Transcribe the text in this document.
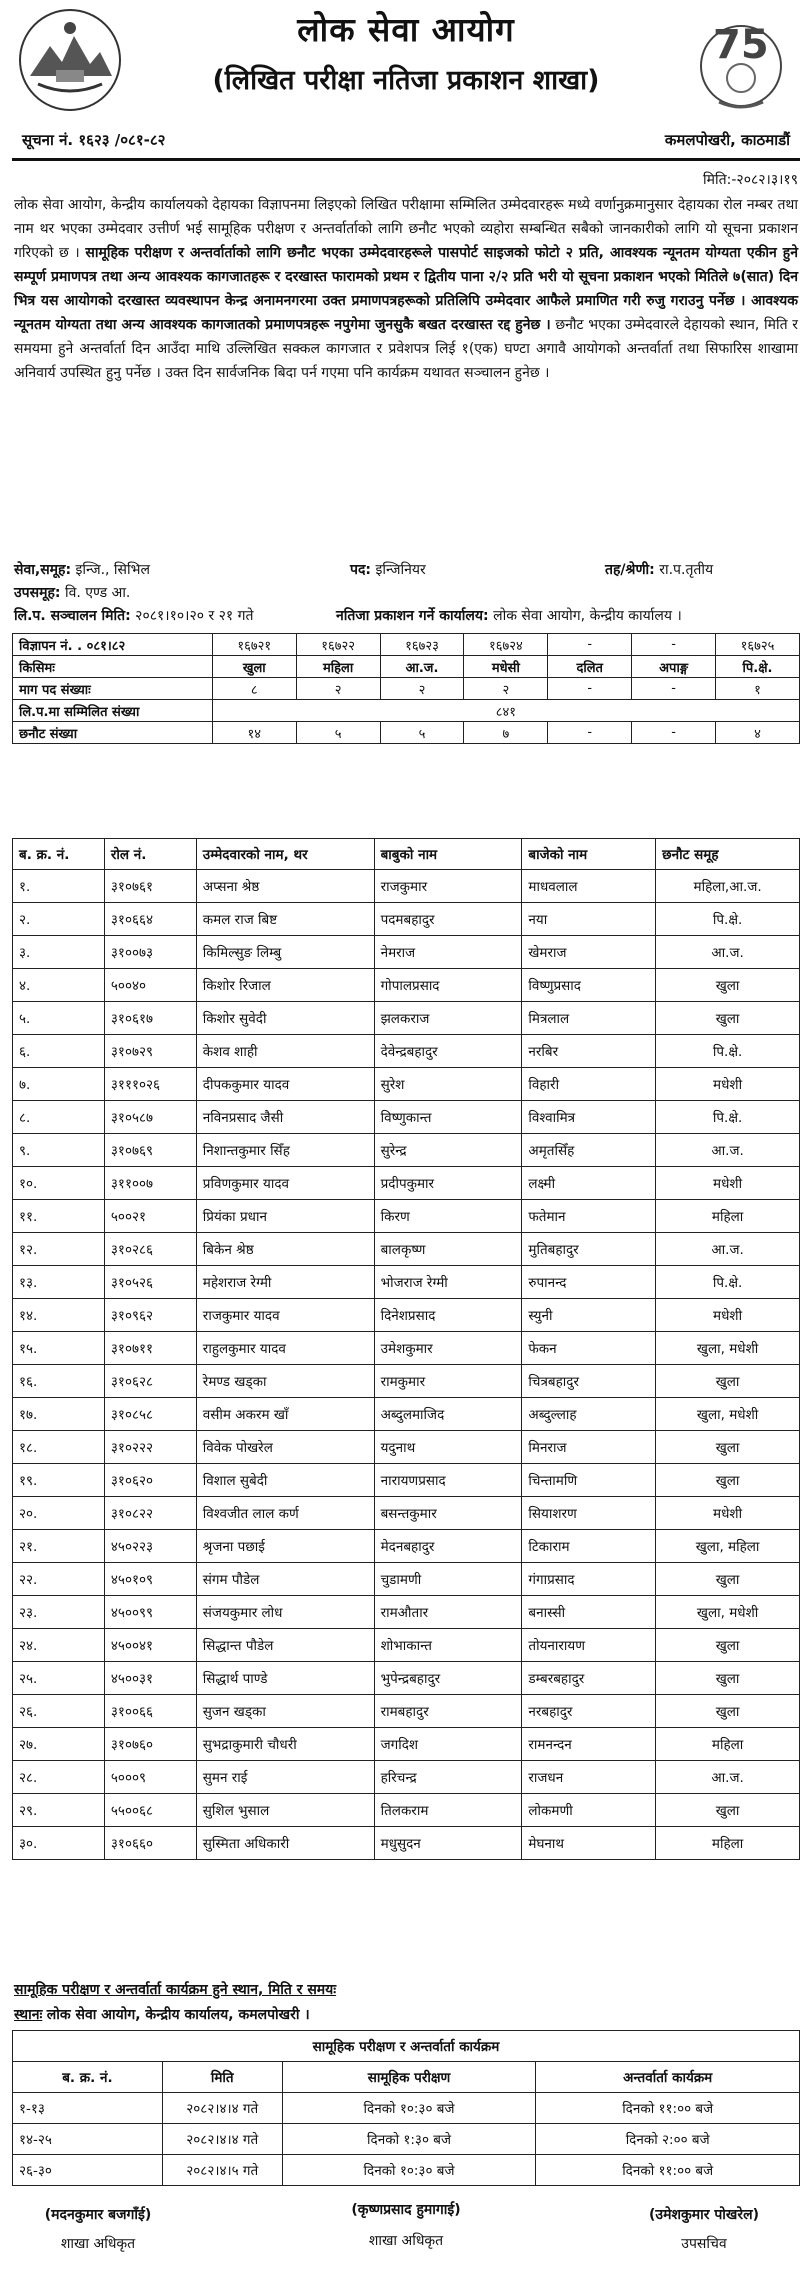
लोक सेवा आयोग
(लिखित परीक्षा नतिजा प्रकाशन शाखा)
75
सूचना नं. १६२३ /०८१-८२	कमलपोखरी, काठमाडौं
मिति:-२०८२।३।१९
लोक सेवा आयोग, केन्द्रीय कार्यालयको देहायका विज्ञापनमा लिइएको लिखित परीक्षामा सम्मिलित उम्मेदवारहरू मध्ये वर्णानुक्रमानुसार देहायका रोल नम्बर तथा नाम थर भएका उम्मेदवार उत्तीर्ण भई सामूहिक परीक्षण र अन्तर्वार्ताको लागि छनौट भएको व्यहोरा सम्बन्धित सबैको जानकारीको लागि यो सूचना प्रकाशन गरिएको छ । सामूहिक परीक्षण र अन्तर्वार्ताको लागि छनौट भएका उम्मेदवारहरूले पासपोर्ट साइजको फोटो २ प्रति, आवश्यक न्यूनतम योग्यता एकीन हुने सम्पूर्ण प्रमाणपत्र तथा अन्य आवश्यक कागजातहरू र दरखास्त फारामको प्रथम र द्वितीय पाना २/२ प्रति भरी यो सूचना प्रकाशन भएको मितिले ७(सात) दिन भित्र यस आयोगको दरखास्त व्यवस्थापन केन्द्र अनामनगरमा उक्त प्रमाणपत्रहरूको प्रतिलिपि उम्मेदवार आफैले प्रमाणित गरी रुजु गराउनु पर्नेछ । आवश्यक न्यूनतम योग्यता तथा अन्य आवश्यक कागजातको प्रमाणपत्रहरू नपुगेमा जुनसुकै बखत दरखास्त रद्द हुनेछ । छनौट भएका उम्मेदवारले देहायको स्थान, मिति र समयमा हुने अन्तर्वार्ता दिन आउँदा माथि उल्लिखित सक्कल कागजात र प्रवेशपत्र लिई १(एक) घण्टा अगावै आयोगको अन्तर्वार्ता तथा सिफारिस शाखामा अनिवार्य उपस्थित हुनु पर्नेछ । उक्त दिन सार्वजनिक बिदा पर्न गएमा पनि कार्यक्रम यथावत सञ्चालन हुनेछ ।
सेवा,समूह: इन्जि., सिभिल	पद: इन्जिनियर	तह/श्रेणी: रा.प.तृतीय
उपसमूह: वि. एण्ड आ.
लि.प. सञ्चालन मिति: २०८१।१०।२० र २१ गते	नतिजा प्रकाशन गर्ने कार्यालय: लोक सेवा आयोग, केन्द्रीय कार्यालय ।
विज्ञापन नं. . ०८१।८२	१६७२१	१६७२२	१६७२३	१६७२४	-	-	१६७२५
किसिमः	खुला	महिला	आ.ज.	मधेसी	दलित	अपाङ्ग	पि.क्षे.
माग पद संख्याः	८	२	२	२	-	-	१
लि.प.मा सम्मिलित संख्या	८४१						
छनौट संख्या	१४	५	५	७	-	-	४
ब. क्र. नं.	रोल नं.	उम्मेदवारको नाम, थर	बाबुको नाम	बाजेको नाम	छनौट समूह
१.	३१०७६१	अप्सना श्रेष्ठ	राजकुमार	माधवलाल	महिला,आ.ज.
२.	३१०६६४	कमल राज बिष्ट	पदमबहादुर	नया	पि.क्षे.
३.	३१००७३	किमिल्सुङ लिम्बु	नेमराज	खेमराज	आ.ज.
४.	५००४०	किशोर रिजाल	गोपालप्रसाद	विष्णुप्रसाद	खुला
५.	३१०६१७	किशोर सुवेदी	झलकराज	मित्रलाल	खुला
६.	३१०७२९	केशव शाही	देवेन्द्रबहादुर	नरबिर	पि.क्षे.
७.	३१११०२६	दीपककुमार यादव	सुरेश	विहारी	मधेशी
८.	३१०५८७	नविनप्रसाद जैसी	विष्णुकान्त	विश्वामित्र	पि.क्षे.
९.	३१०७६९	निशान्तकुमार सिँह	सुरेन्द्र	अमृतसिँह	आ.ज.
१०.	३११००७	प्रविणकुमार यादव	प्रदीपकुमार	लक्ष्मी	मधेशी
११.	५००२१	प्रियंका प्रधान	किरण	फतेमान	महिला
१२.	३१०२८६	बिकेन श्रेष्ठ	बालकृष्ण	मुतिबहादुर	आ.ज.
१३.	३१०५२६	महेशराज रेग्मी	भोजराज रेग्मी	रुपानन्द	पि.क्षे.
१४.	३१०९६२	राजकुमार यादव	दिनेशप्रसाद	स्युनी	मधेशी
१५.	३१०७११	राहुलकुमार यादव	उमेशकुमार	फेकन	खुला, मधेशी
१६.	३१०६२८	रेमण्ड खड्का	रामकुमार	चित्रबहादुर	खुला
१७.	३१०८५८	वसीम अकरम खाँ	अब्दुलमाजिद	अब्दुल्लाह	खुला, मधेशी
१८.	३१०२२२	विवेक पोखरेल	यदुनाथ	मिनराज	खुला
१९.	३१०६२०	विशाल सुबेदी	नारायणप्रसाद	चिन्तामणि	खुला
२०.	३१०८२२	विश्वजीत लाल कर्ण	बसन्तकुमार	सियाशरण	मधेशी
२१.	४५०२२३	श्रृजना पछाई	मेदनबहादुर	टिकाराम	खुला, महिला
२२.	४५०१०९	संगम पौडेल	चुडामणी	गंगाप्रसाद	खुला
२३.	४५००९९	संजयकुमार लोध	रामऔतार	बनास्सी	खुला, मधेशी
२४.	४५००४१	सिद्धान्त पौडेल	शोभाकान्त	तोयनारायण	खुला
२५.	४५००३१	सिद्धार्थ पाण्डे	भुपेन्द्रबहादुर	डम्बरबहादुर	खुला
२६.	३१००६६	सुजन खड्का	रामबहादुर	नरबहादुर	खुला
२७.	३१०७६०	सुभद्राकुमारी चौधरी	जगदिश	रामनन्दन	महिला
२८.	५०००९	सुमन राई	हरिचन्द्र	राजधन	आ.ज.
२९.	५५००६८	सुशिल भुसाल	तिलकराम	लोकमणी	खुला
३०.	३१०६६०	सुस्मिता अधिकारी	मधुसुदन	मेघनाथ	महिला
सामूहिक परीक्षण र अन्तर्वार्ता कार्यक्रम हुने स्थान, मिति र समयः
स्थानः लोक सेवा आयोग, केन्द्रीय कार्यालय, कमलपोखरी ।
सामूहिक परीक्षण र अन्तर्वार्ता कार्यक्रम			
ब. क्र. नं.	मिति	सामूहिक परीक्षण	अन्तर्वार्ता कार्यक्रम
१-१३	२०८२।४।४ गते	दिनको १०:३० बजे	दिनको ११:०० बजे
१४-२५	२०८२।४।४ गते	दिनको १:३० बजे	दिनको २:०० बजे
२६-३०	२०८२।४।५ गते	दिनको १०:३० बजे	दिनको ११:०० बजे
(मदनकुमार बजगाँई)
शाखा अधिकृत
(कृष्णप्रसाद हुमागाई)
शाखा अधिकृत
(उमेशकुमार पोखरेल)
उपसचिव
